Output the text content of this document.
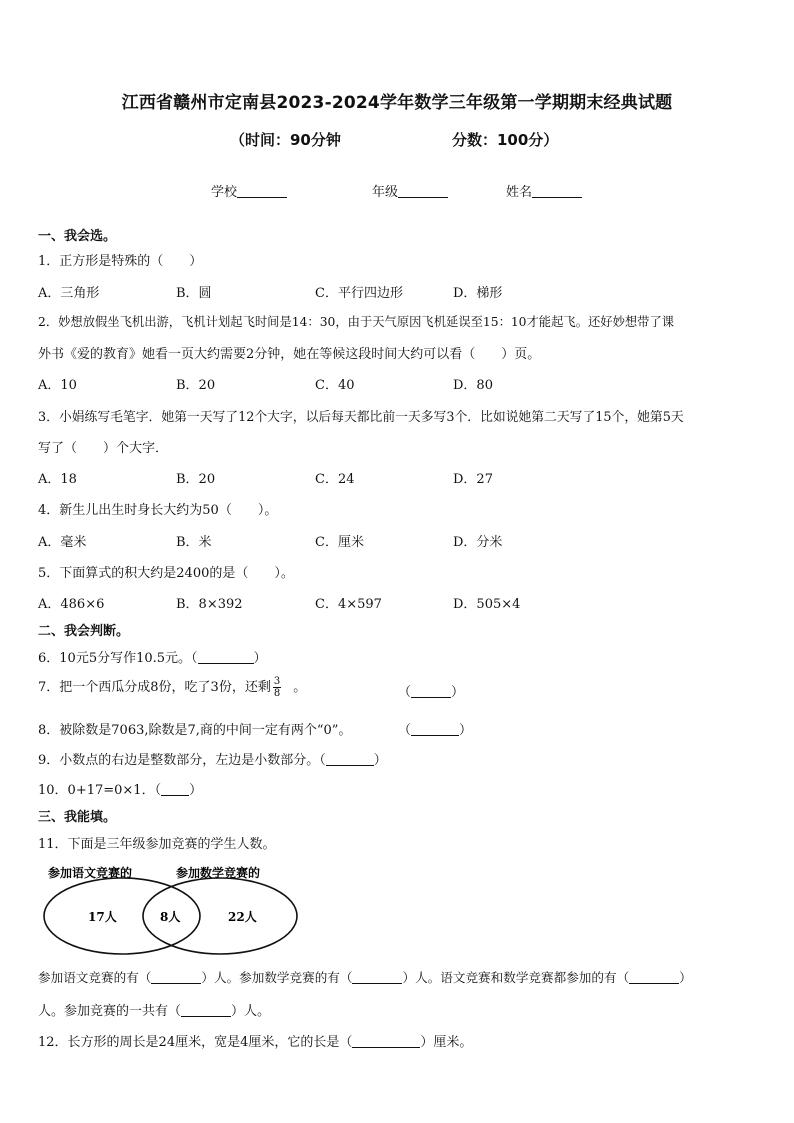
江西省赣州市定南县2023-2024学年数学三年级第一学期期末经典试题
（时间：90分钟	分数：100分）
学校	年级	姓名
一、我会选。
1．正方形是特殊的（　　）
A．三角形	B．圆	C．平行四边形	D．梯形
2．妙想放假坐飞机出游，飞机计划起飞时间是14：30，由于天气原因飞机延误至15：10才能起飞。还好妙想带了课
外书《爱的教育》她看一页大约需要2分钟，她在等候这段时间大约可以看（　　）页。
A．10	B．20	C．40	D．80
3．小娟练写毛笔字．她第一天写了12个大字，以后每天都比前一天多写3个．比如说她第二天写了15个，她第5天
写了（　　）个大字．
A．18	B．20	C．24	D．27
4．新生儿出生时身长大约为50（　　）。
A．毫米	B．米	C．厘米	D．分米
5．下面算式的积大约是2400的是（　　）。
A．486×6	B．8×392	C．4×597	D．505×4
二、我会判断。
6．10元5分写作10.5元。（	）
7．把一个西瓜分成8份，吃了3份，还剩 $\frac{3}{8}$ 。	（	）
8．被除数是7063,除数是7,商的中间一定有两个“0”。	（	）
9．小数点的右边是整数部分，左边是小数部分。（	）
10．0+17=0×1．（ ）
三、我能填。
11．下面是三年级参加竞赛的学生人数。
参加语文竞赛的	参加数学竞赛的
17人	8人	22人
参加语文竞赛的有（	）人。参加数学竞赛的有（	）人。语文竞赛和数学竞赛都参加的有（	）
人。参加竞赛的一共有（	）人。
12．长方形的周长是24厘米，宽是4厘米，它的长是（	）厘米。
